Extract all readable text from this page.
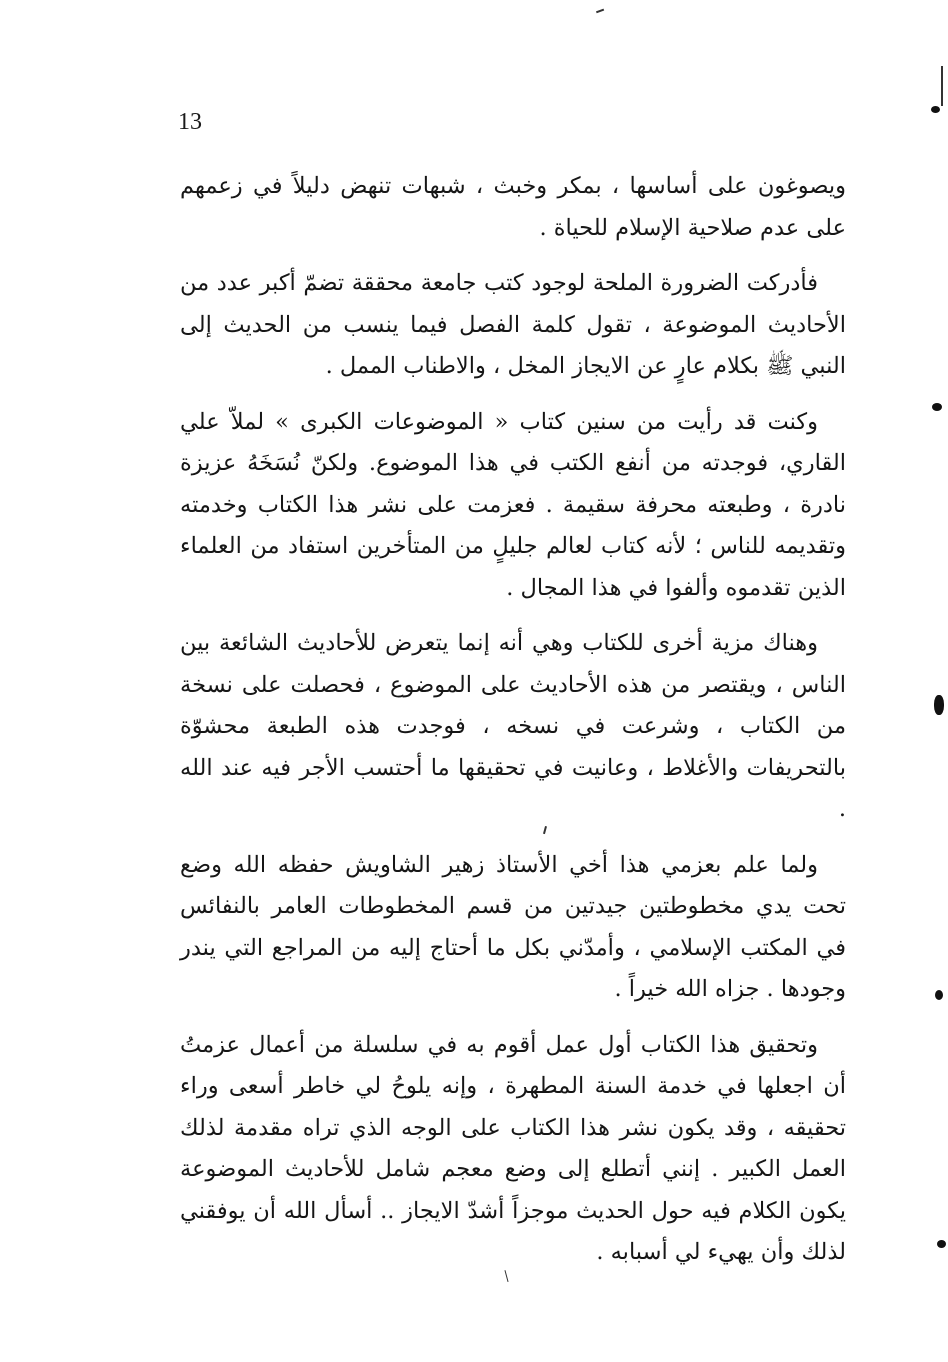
13

ويصوغون على أساسها ، بمكر وخبث ، شبهات تنهض دليلاً في زعمهم على عدم صلاحية الإسلام للحياة .

فأدركت الضرورة الملحة لوجود كتب جامعة محققة تضمّ أكبر عدد من الأحاديث الموضوعة ، تقول كلمة الفصل فيما ينسب من الحديث إلى النبي ﷺ بكلام عارٍ عن الايجاز المخل ، والاطناب الممل .

وكنت قد رأيت من سنين كتاب « الموضوعات الكبرى » لملاّ علي القاري، فوجدته من أنفع الكتب في هذا الموضوع. ولكنّ نُسَخَهُ عزيزة نادرة ، وطبعته محرفة سقيمة . فعزمت على نشر هذا الكتاب وخدمته وتقديمه للناس ؛ لأنه كتاب لعالم جليلٍ من المتأخرين استفاد من العلماء الذين تقدموه وألفوا في هذا المجال .

وهناك مزية أخرى للكتاب وهي أنه إنما يتعرض للأحاديث الشائعة بين الناس ، ويقتصر من هذه الأحاديث على الموضوع ، فحصلت على نسخة من الكتاب ، وشرعت في نسخه ، فوجدت هذه الطبعة محشوّة بالتحريفات والأغلاط ، وعانيت في تحقيقها ما أحتسب الأجر فيه عند الله .

ولما علم بعزمي هذا أخي الأستاذ زهير الشاويش حفظه الله وضع تحت يدي مخطوطتين جيدتين من قسم المخطوطات العامر بالنفائس في المكتب الإسلامي ، وأمدّني بكل ما أحتاج إليه من المراجع التي يندر وجودها . جزاه الله خيراً .

وتحقيق هذا الكتاب أول عمل أقوم به في سلسلة من أعمال عزمتُ أن اجعلها في خدمة السنة المطهرة ، وإنه يلوحُ لي خاطر أسعى وراء تحقيقه ، وقد يكون نشر هذا الكتاب على الوجه الذي تراه مقدمة لذلك العمل الكبير . إنني أتطلع إلى وضع معجم شامل للأحاديث الموضوعة يكون الكلام فيه حول الحديث موجزاً أشدّ الايجاز .. أسأل الله أن يوفقني لذلك وأن يهيء لي أسبابه .
